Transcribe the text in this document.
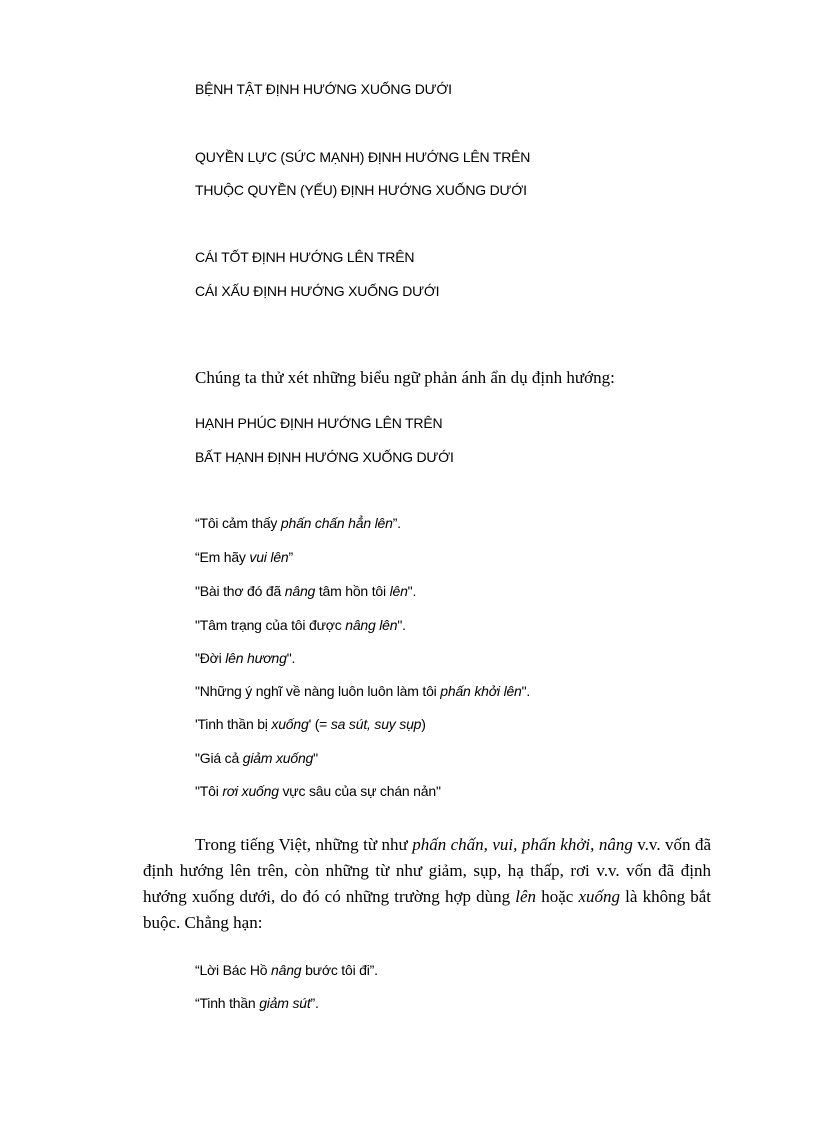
BỆNH TẬT ĐỊNH HƯỚNG XUỐNG DƯỚI
QUYỀN LỰC (SỨC MẠNH) ĐỊNH HƯỚNG LÊN TRÊN
THUỘC QUYỀN (YẾU) ĐỊNH HƯỚNG XUỐNG DƯỚI
CÁI TỐT ĐỊNH HƯỚNG LÊN TRÊN
CÁI XẤU ĐỊNH HƯỚNG XUỐNG DƯỚI
Chúng ta thử xét những biểu ngữ phản ánh ẩn dụ định hướng:
HẠNH PHÚC ĐỊNH HƯỚNG LÊN TRÊN
BẤT HẠNH ĐỊNH HƯỚNG XUỐNG DƯỚI
“Tôi cảm thấy phấn chấn hẳn lên”.
“Em hãy vui lên”
"Bài thơ đó đã nâng tâm hồn tôi lên".
"Tâm trạng của tôi được nâng lên".
"Đời lên hương".
"Những ý nghĩ về nàng luôn luôn làm tôi phấn khởi lên".
'Tinh thần bị xuống' (= sa sút, suy sụp)
"Giá cả giảm xuống"
"Tôi rơi xuống vực sâu của sự chán nản"
Trong tiếng Việt, những từ như phấn chấn, vui, phấn khởi, nâng v.v. vốn đã định hướng lên trên, còn những từ như giảm, sụp, hạ thấp, rơi v.v. vốn đã định hướng xuống dưới, do đó có những trường hợp dùng lên hoặc xuống là không bắt buộc. Chẳng hạn:
“Lời Bác Hồ nâng bước tôi đi”.
“Tinh thần giảm sút”.
